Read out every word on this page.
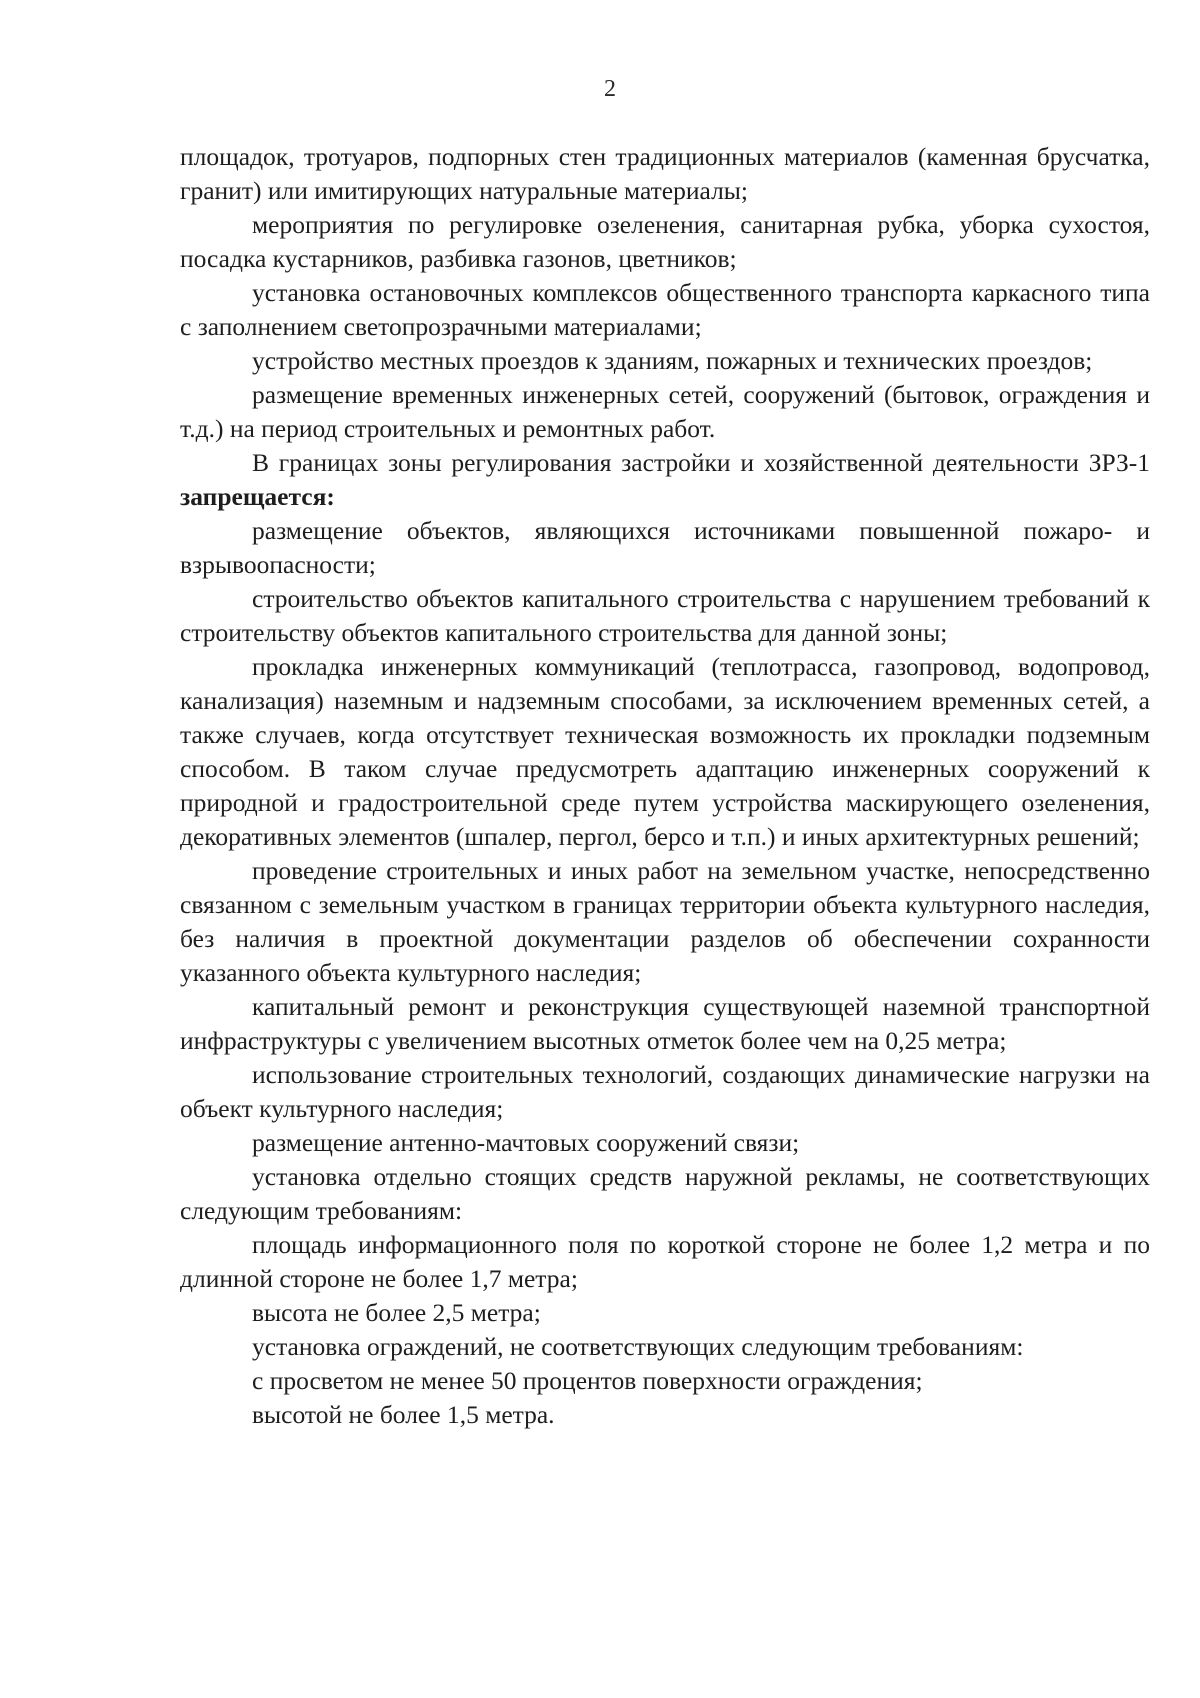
2

площадок, тротуаров, подпорных стен традиционных материалов (каменная брусчатка, гранит) или имитирующих натуральные материалы;

мероприятия по регулировке озеленения, санитарная рубка, уборка сухостоя, посадка кустарников, разбивка газонов, цветников;

установка остановочных комплексов общественного транспорта каркасного типа с заполнением светопрозрачными материалами;

устройство местных проездов к зданиям, пожарных и технических проездов;

размещение временных инженерных сетей, сооружений (бытовок, ограждения и т.д.) на период строительных и ремонтных работ.

В границах зоны регулирования застройки и хозяйственной деятельности ЗРЗ-1 запрещается:

размещение объектов, являющихся источниками повышенной пожаро- и взрывоопасности;

строительство объектов капитального строительства с нарушением требований к строительству объектов капитального строительства для данной зоны;

прокладка инженерных коммуникаций (теплотрасса, газопровод, водопровод, канализация) наземным и надземным способами, за исключением временных сетей, а также случаев, когда отсутствует техническая возможность их прокладки подземным способом. В таком случае предусмотреть адаптацию инженерных сооружений к природной и градостроительной среде путем устройства маскирующего озеленения, декоративных элементов (шпалер, пергол, берсо и т.п.) и иных архитектурных решений;

проведение строительных и иных работ на земельном участке, непосредственно связанном с земельным участком в границах территории объекта культурного наследия, без наличия в проектной документации разделов об обеспечении сохранности указанного объекта культурного наследия;

капитальный ремонт и реконструкция существующей наземной транспортной инфраструктуры с увеличением высотных отметок более чем на 0,25 метра;

использование строительных технологий, создающих динамические нагрузки на объект культурного наследия;

размещение антенно-мачтовых сооружений связи;

установка отдельно стоящих средств наружной рекламы, не соответствующих следующим требованиям:

площадь информационного поля по короткой стороне не более 1,2 метра и по длинной стороне не более 1,7 метра;

высота не более 2,5 метра;

установка ограждений, не соответствующих следующим требованиям:

с просветом не менее 50 процентов поверхности ограждения;

высотой не более 1,5 метра.
